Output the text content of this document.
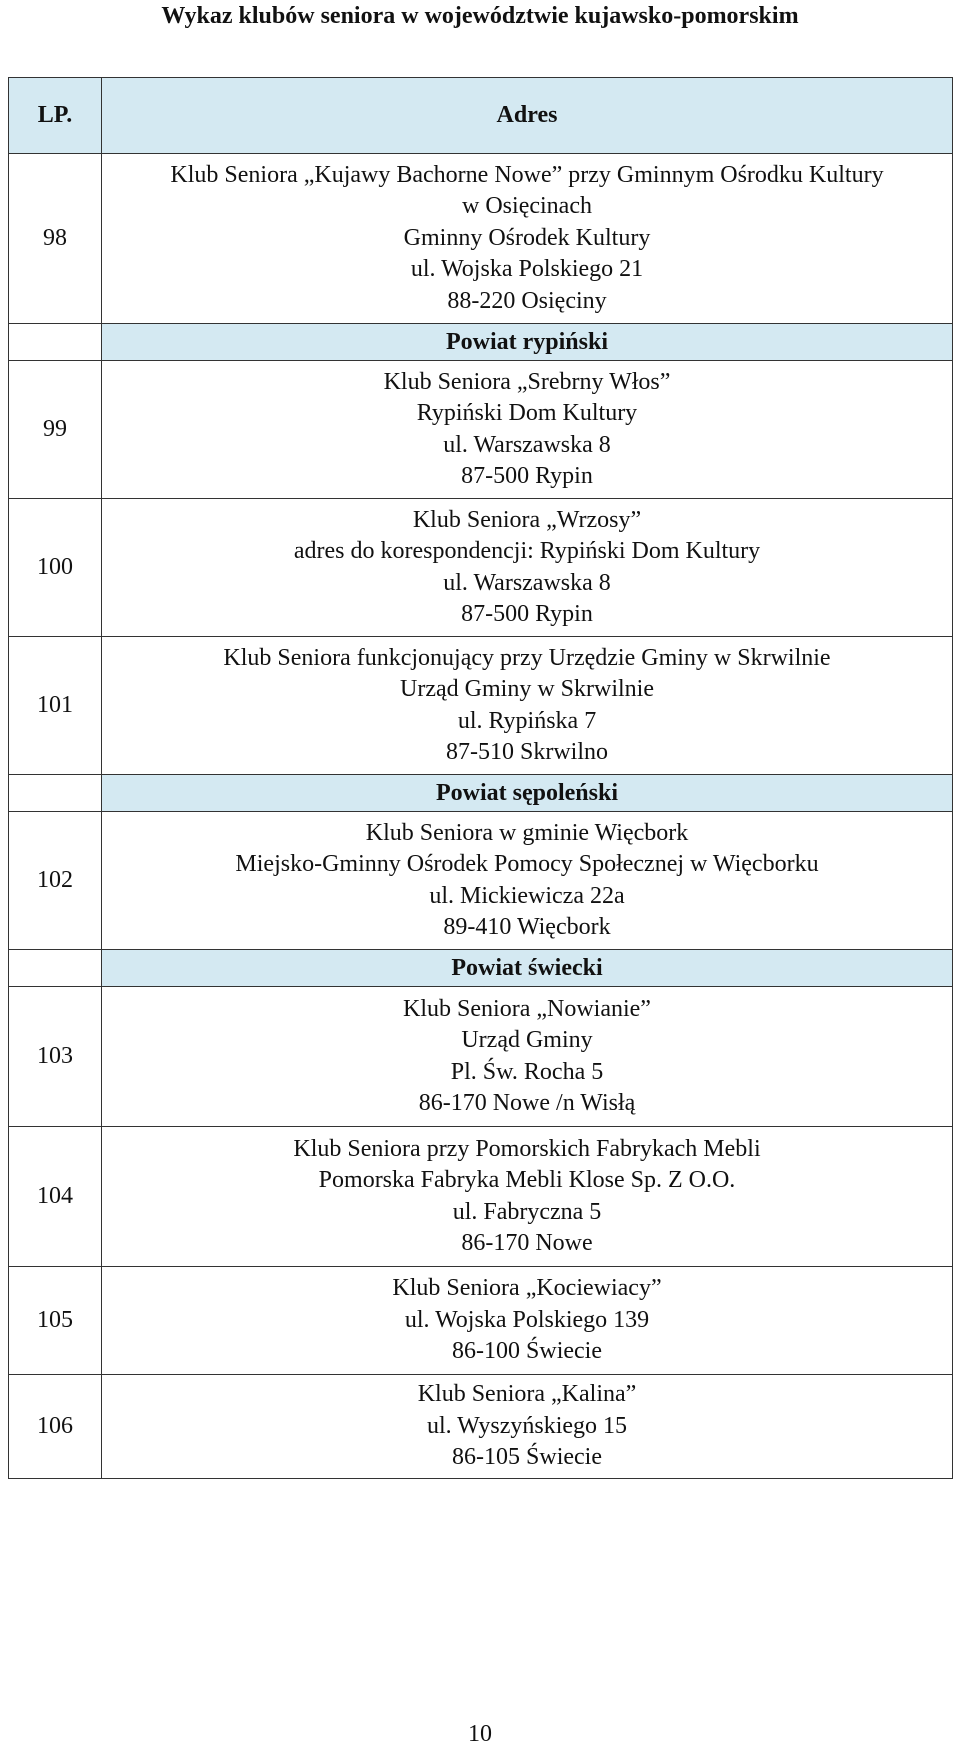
Wykaz klubów seniora w województwie kujawsko-pomorskim
LP.	Adres
98	Klub Seniora „Kujawy Bachorne Nowe” przy Gminnym Ośrodku Kultury
w Osięcinach
Gminny Ośrodek Kultury
ul. Wojska Polskiego 21
88-220 Osięciny

	Powiat rypiński
99	Klub Seniora „Srebrny Włos”
Rypiński Dom Kultury
ul. Warszawska 8
87-500 Rypin

100	Klub Seniora „Wrzosy”
adres do korespondencji: Rypiński Dom Kultury
ul. Warszawska 8
87-500 Rypin

101	Klub Seniora funkcjonujący przy Urzędzie Gminy w Skrwilnie
Urząd Gminy w Skrwilnie
ul. Rypińska 7
87-510 Skrwilno

	Powiat sępoleński
102	Klub Seniora w gminie Więcbork
Miejsko-Gminny Ośrodek Pomocy Społecznej w Więcborku
ul. Mickiewicza 22a
89-410 Więcbork

	Powiat świecki
103	Klub Seniora „Nowianie”
Urząd Gminy
Pl. Św. Rocha 5
86-170 Nowe /n Wisłą

104	Klub Seniora przy Pomorskich Fabrykach Mebli
Pomorska Fabryka Mebli Klose Sp. Z O.O.
ul. Fabryczna 5
86-170 Nowe

105	Klub Seniora „Kociewiacy”
ul. Wojska Polskiego 139
86-100 Świecie

106	Klub Seniora „Kalina”
ul. Wyszyńskiego 15
86-105 Świecie
10
